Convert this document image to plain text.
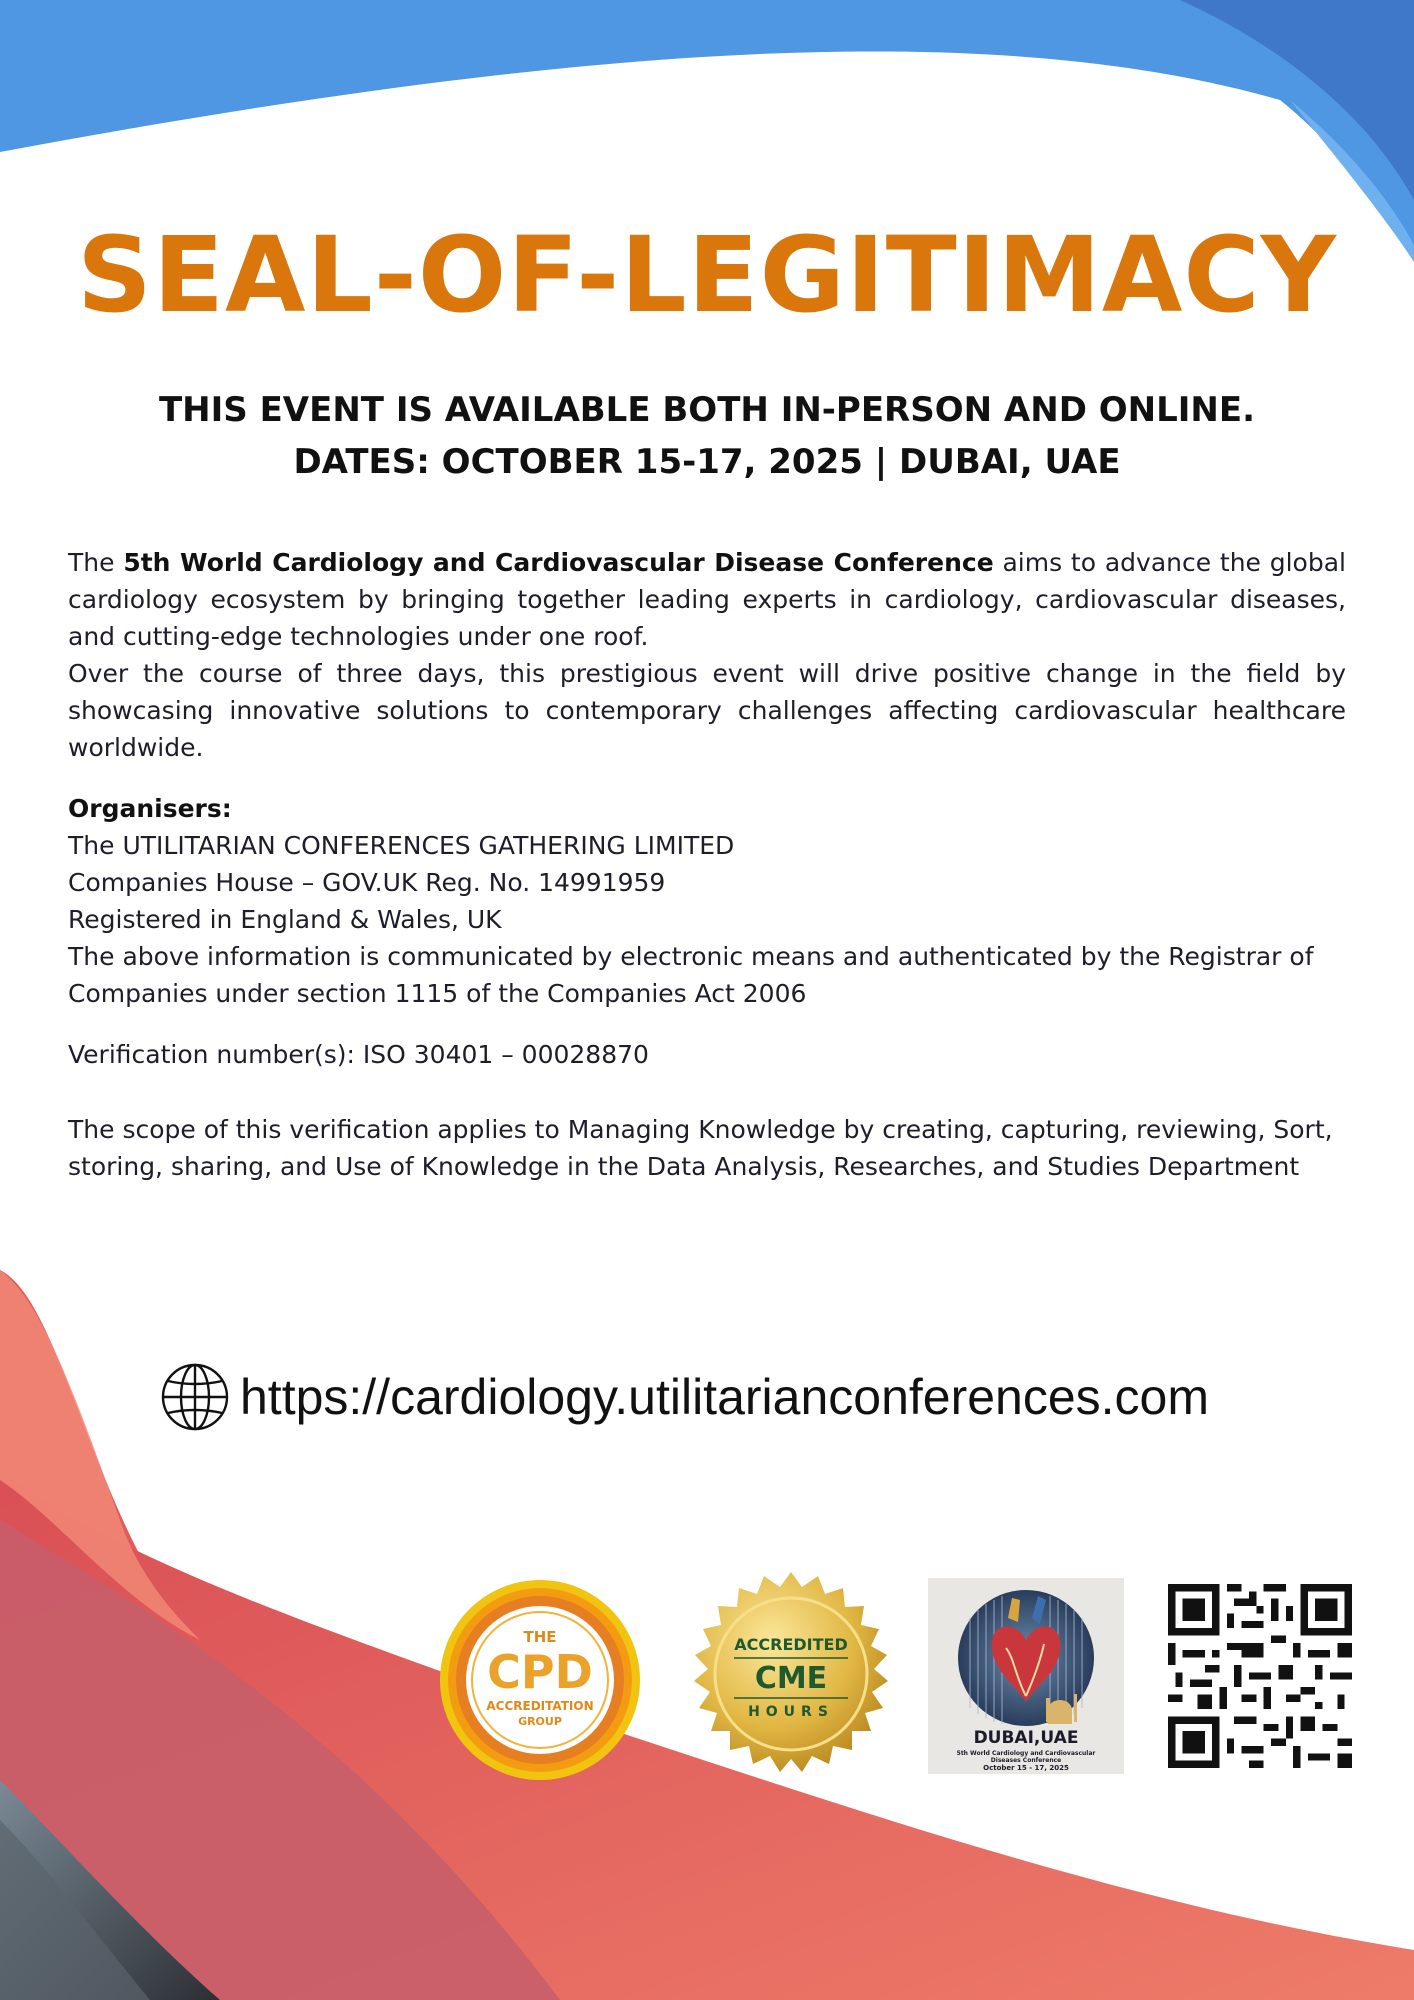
SEAL-OF-LEGITIMACY
THIS EVENT IS AVAILABLE BOTH IN-PERSON AND ONLINE.
DATES: OCTOBER 15-17, 2025 | DUBAI, UAE

The 5th World Cardiology and Cardiovascular Disease Conference aims to advance the global cardiology ecosystem by bringing together leading experts in cardiology, cardiovascular diseases, and cutting-edge technologies under one roof.

Over the course of three days, this prestigious event will drive positive change in the field by showcasing innovative solutions to contemporary challenges affecting cardiovascular healthcare worldwide.

Organisers:
The UTILITARIAN CONFERENCES GATHERING LIMITED
Companies House – GOV.UK Reg. No. 14991959
Registered in England & Wales, UK
The above information is communicated by electronic means and authenticated by the Registrar of Companies under section 1115 of the Companies Act 2006
Verification number(s): ISO 30401 – 00028870
The scope of this verification applies to Managing Knowledge by creating, capturing, reviewing, Sort, storing, sharing, and Use of Knowledge in the Data Analysis, Researches, and Studies Department
https://cardiology.utilitarianconferences.com
THE
CPD
ACCREDITATION
GROUP
ACCREDITED
CME
HOURS
DUBAI,UAE
5th World Cardiology and Cardiovascular
Diseases Conference
October 15 - 17, 2025
